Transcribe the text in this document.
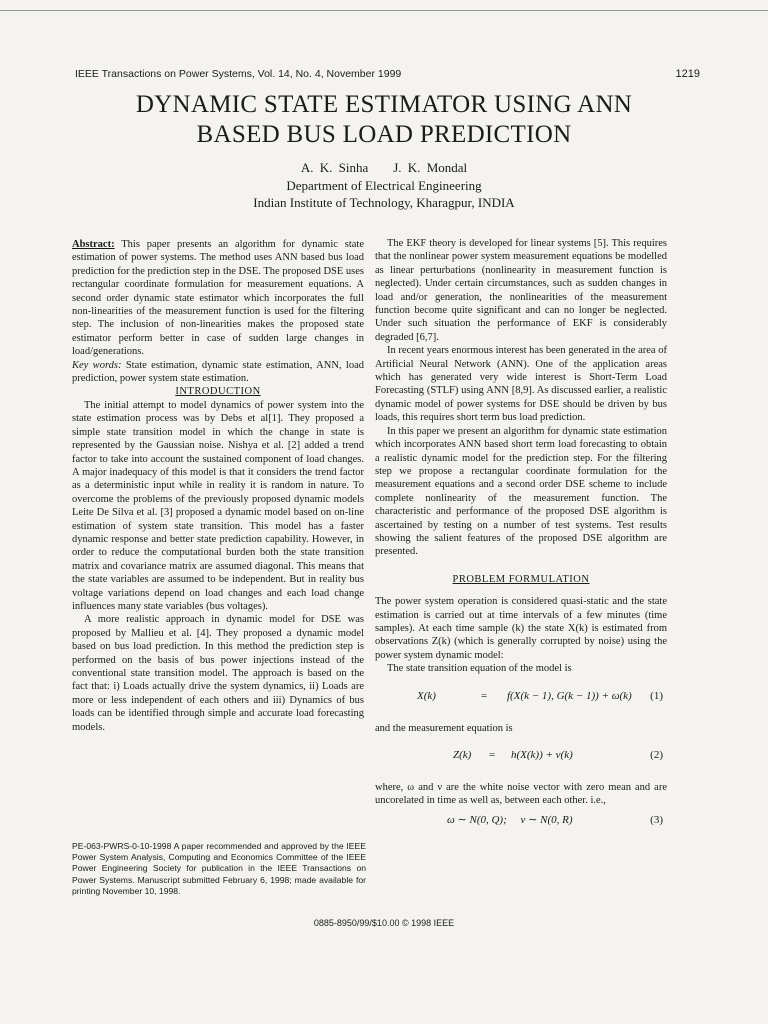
IEEE Transactions on Power Systems, Vol. 14, No. 4, November 1999	1219
DYNAMIC STATE ESTIMATOR USING ANN
BASED BUS LOAD PREDICTION
A. K. Sinha    J. K. Mondal
Department of Electrical Engineering
Indian Institute of Technology, Kharagpur, INDIA

Abstract: This paper presents an algorithm for dynamic state estimation of power systems. The method uses ANN based bus load prediction for the prediction step in the DSE. The proposed DSE uses rectangular coordinate formulation for measurement equations. A second order dynamic state estimator which incorporates the full non-linearities of the measurement function is used for the filtering step. The inclusion of non-linearities makes the proposed state estimator perform better in case of sudden large changes in load/generations.

Key words: State estimation, dynamic state estimation, ANN, load prediction, power system state estimation.

INTRODUCTION

The initial attempt to model dynamics of power system into the state estimation process was by Debs et al[1]. They proposed a simple state transition model in which the change in state is represented by the Gaussian noise. Nishya et al. [2] added a trend factor to take into account the sustained component of load changes. A major inadequacy of this model is that it considers the trend factor as a deterministic input while in reality it is random in nature. To overcome the problems of the previously proposed dynamic models Leite De Silva et al. [3] proposed a dynamic model based on on-line estimation of system state transition. This model has a faster dynamic response and better state prediction capability. However, in order to reduce the computational burden both the state transition matrix and covariance matrix are assumed diagonal. This means that the state variables are assumed to be independent. But in reality bus voltage variations depend on load changes and each load change influences many state variables (bus voltages).

A more realistic approach in dynamic model for DSE was proposed by Mallieu et al. [4]. They proposed a dynamic model based on bus load prediction. In this method the prediction step is performed on the basis of bus power injections instead of the conventional state transition model. The approach is based on the fact that: i) Loads actually drive the system dynamics, ii) Loads are more or less independent of each others and iii) Dynamics of bus loads can be identified through simple and accurate load forecasting models.

The EKF theory is developed for linear systems [5]. This requires that the nonlinear power system measurement equations be modelled as linear perturbations (nonlinearity in measurement function is neglected). Under certain circumstances, such as sudden changes in load and/or generation, the nonlinearities of the measurement function become quite significant and can no longer be neglected. Under such situation the performance of EKF is considerably degraded [6,7].

In recent years enormous interest has been generated in the area of Artificial Neural Network (ANN). One of the application areas which has generated very wide interest is Short-Term Load Forecasting (STLF) using ANN [8,9]. As discussed earlier, a realistic dynamic model of power systems for DSE should be driven by bus loads, this requires short term bus load prediction.

In this paper we present an algorithm for dynamic state estimation which incorporates ANN based short term load forecasting to obtain a realistic dynamic model for the prediction step. For the filtering step we propose a rectangular coordinate formulation for the measurement equations and a second order DSE scheme to include complete nonlinearity of the measurement function. The characteristic and performance of the proposed DSE algorithm is ascertained by testing on a number of test systems. Test results showing the salient features of the proposed DSE algorithm are presented.

PROBLEM FORMULATION

The power system operation is considered quasi-static and the state estimation is carried out at time intervals of a few minutes (time samples). At each time sample (k) the state X(k) is estimated from observations Z(k) (which is generally corrupted by noise) using the power system dynamic model:

The state transition equation of the model is

X(k)	= f(X(k − 1), G(k − 1)) + ω(k) (1)

and the measurement equation is

Z(k) = h(X(k)) + ν(k)	(2)

where, ω and ν are the white noise vector with zero mean and are uncorelated in time as well as, between each other. i.e.,

ω ∼ N(0, Q);     ν ∼ N(0, R)	(3)
PE-063-PWRS-0-10-1998 A paper recommended and approved by the IEEE Power System Analysis, Computing and Economics Committee of the IEEE Power Engineering Society for publication in the IEEE Transactions on Power Systems. Manuscript submitted February 6, 1998; made available for printing November 10, 1998.
0885-8950/99/$10.00 © 1998 IEEE
